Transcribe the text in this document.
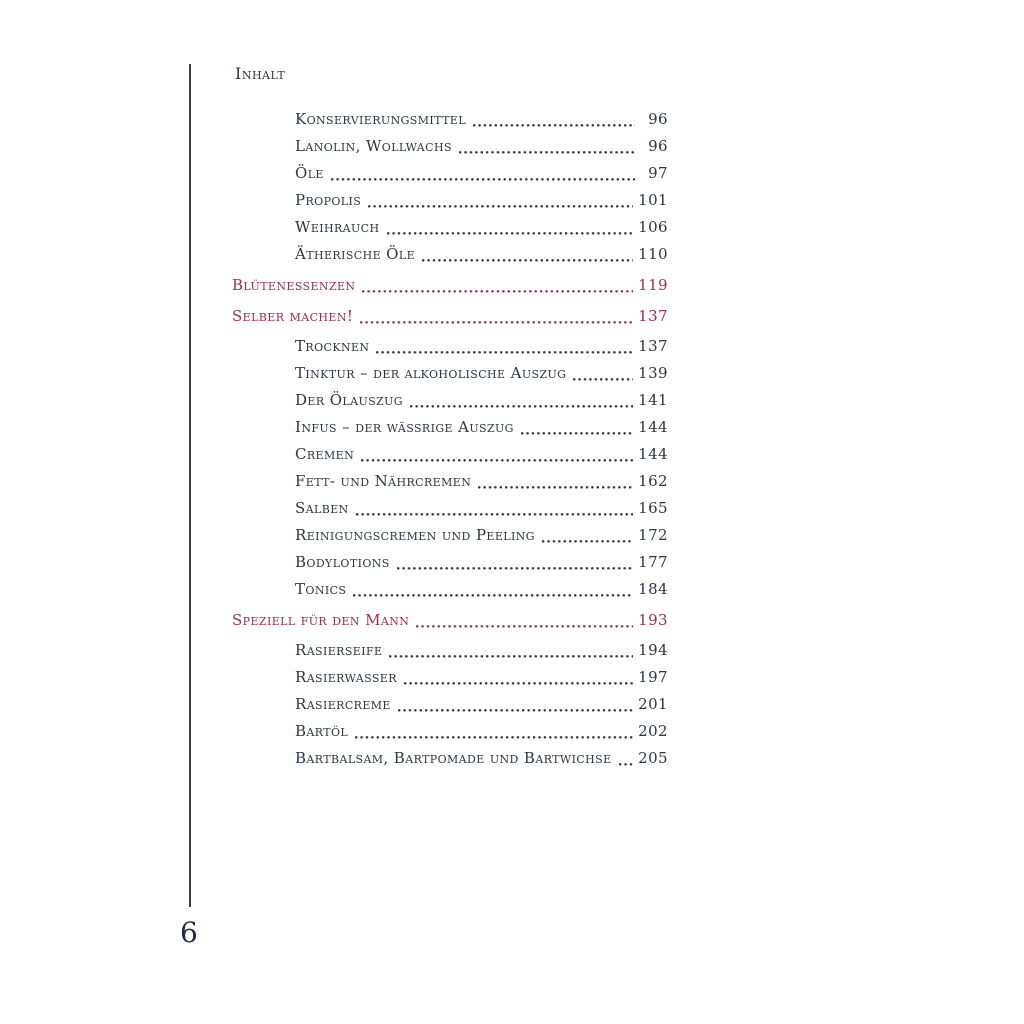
Inhalt
Konservierungsmittel	96
Lanolin, Wollwachs	96
Öle	97
Propolis	101
Weihrauch	106
Ätherische Öle	110
Blütenessenzen	119
Selber machen!	137
Trocknen	137
Tinktur – der alkoholische Auszug	139
Der Ölauszug	141
Infus – der wässrige Auszug	144
Cremen	144
Fett- und Nährcremen	162
Salben	165
Reinigungscremen und Peeling	172
Bodylotions	177
Tonics	184
Speziell für den Mann	193
Rasierseife	194
Rasierwasser	197
Rasiercreme	201
Bartöl	202
Bartbalsam, Bartpomade und Bartwichse 205
6
